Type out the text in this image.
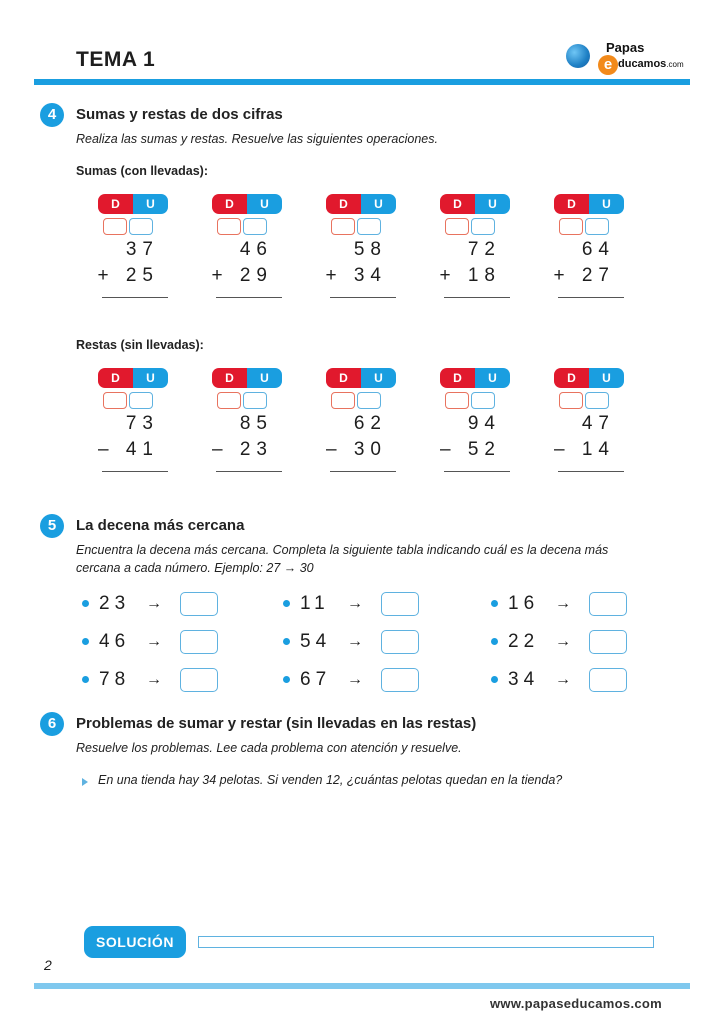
TEMA 1	e
Papas
ducamos.com
4	Sumas y restas de dos cifras
Realiza las sumas y restas. Resuelve las siguientes operaciones.
Sumas (con llevadas):
D	U
37
+ 25
D	U
46
+ 29
D	U
58
+ 34
D	U
72
+ 18
D	U
64
+ 27
Restas (sin llevadas):
D	U
73
– 41
D	U
85
– 23
D	U
62
– 30
D	U
94
– 52
D	U
47
– 14
5	La decena más cercana
Encuentra la decena más cercana. Completa la siguiente tabla indicando cuál es la decena más
cercana a cada número. Ejemplo: 27 → 30
23 →	11 →	16 →
46 →	54 →	22 →
78 →	67 →	34 →
6	Problemas de sumar y restar (sin llevadas en las restas)
Resuelve los problemas. Lee cada problema con atención y resuelve.
En una tienda hay 34 pelotas. Si venden 12, ¿cuántas pelotas quedan en la tienda?
SOLUCIÓN
2
www.papaseducamos.com
